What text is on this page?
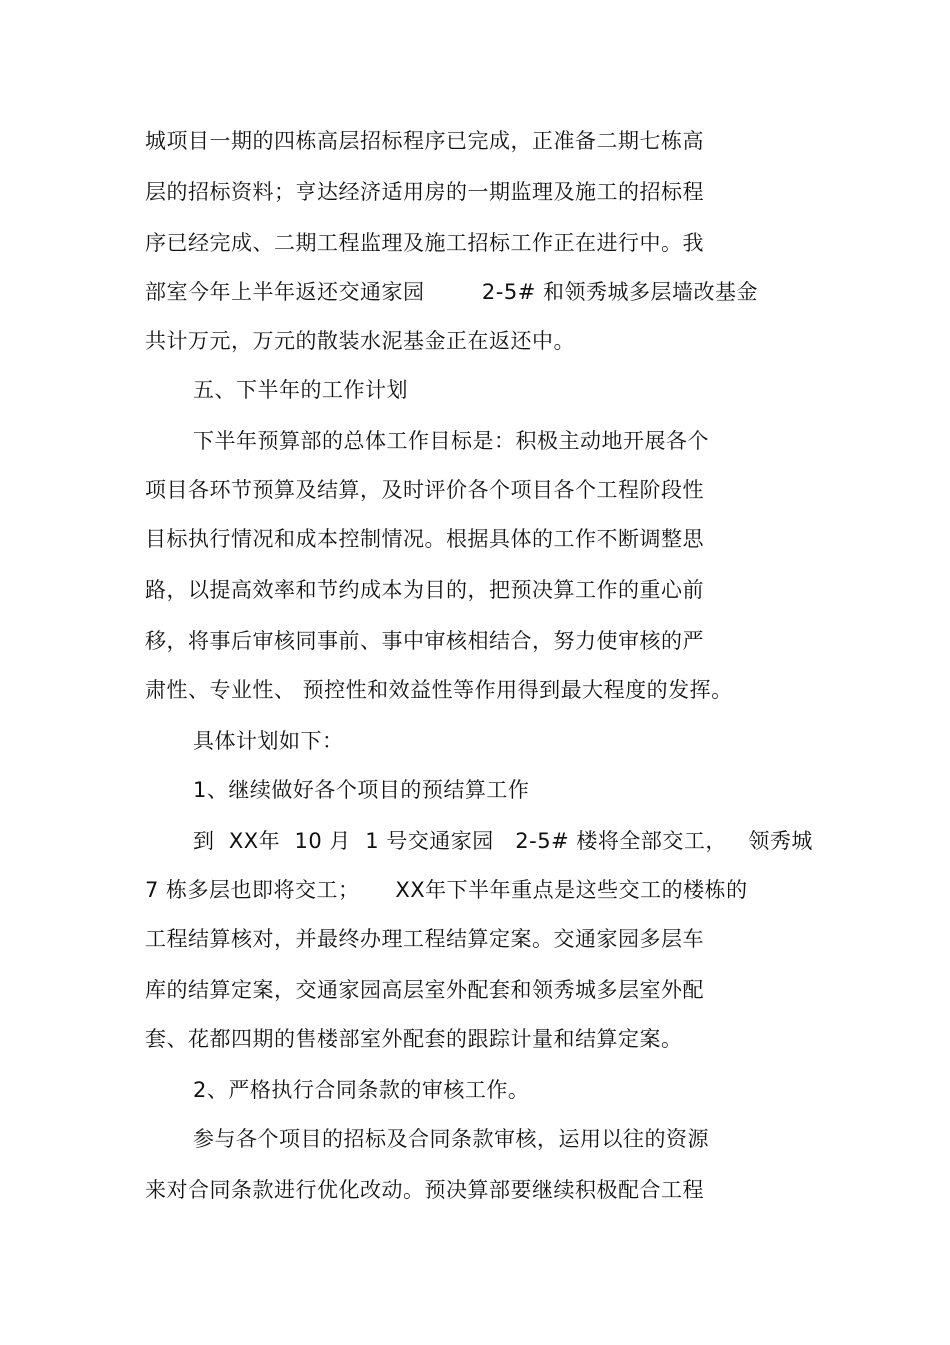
城项目一期的四栋高层招标程序已完成，正准备二期七栋高
层的招标资料；亨达经济适用房的一期监理及施工的招标程
序已经完成、二期工程监理及施工招标工作正在进行中。我
部室今年上半年返还交通家园        2-5# 和领秀城多层墙改基金
共计万元，万元的散装水泥基金正在返还中。
五、下半年的工作计划
下半年预算部的总体工作目标是：积极主动地开展各个
项目各环节预算及结算，及时评价各个项目各个工程阶段性
目标执行情况和成本控制情况。根据具体的工作不断调整思
路，以提高效率和节约成本为目的，把预决算工作的重心前
移，将事后审核同事前、事中审核相结合，努力使审核的严
肃性、专业性、 预控性和效益性等作用得到最大程度的发挥。
具体计划如下：
1、继续做好各个项目的预结算工作
到  XX年  10 月  1 号交通家园   2-5# 楼将全部交工，   领秀城
7 栋多层也即将交工；     XX年下半年重点是这些交工的楼栋的
工程结算核对，并最终办理工程结算定案。交通家园多层车
库的结算定案，交通家园高层室外配套和领秀城多层室外配
套、花都四期的售楼部室外配套的跟踪计量和结算定案。
2、严格执行合同条款的审核工作。
参与各个项目的招标及合同条款审核，运用以往的资源
来对合同条款进行优化改动。预决算部要继续积极配合工程
